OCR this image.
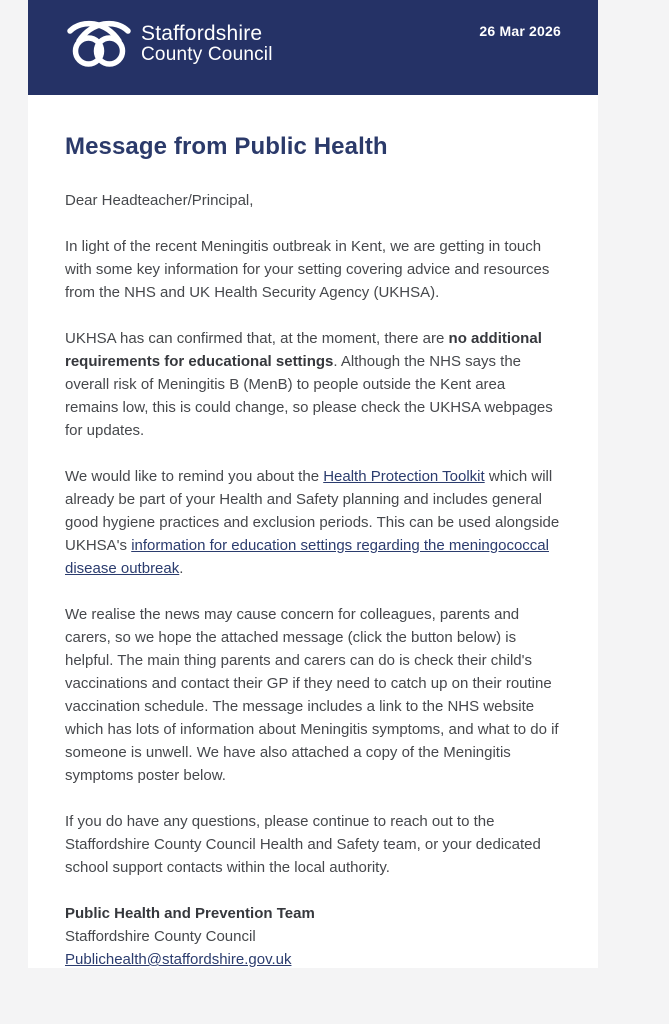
Staffordshire
County Council
26 Mar 2026
Message from Public Health

Dear Headteacher/Principal,

In light of the recent Meningitis outbreak in Kent, we are getting in touch with some key information for your setting covering advice and resources from the NHS and UK Health Security Agency (UKHSA).

UKHSA has can confirmed that, at the moment, there are no additional requirements for educational settings. Although the NHS says the overall risk of Meningitis B (MenB) to people outside the Kent area remains low, this is could change, so please check the UKHSA webpages for updates.

We would like to remind you about the Health Protection Toolkit which will already be part of your Health and Safety planning and includes general good hygiene practices and exclusion periods. This can be used alongside UKHSA's information for education settings regarding the meningococcal disease outbreak.

We realise the news may cause concern for colleagues, parents and carers, so we hope the attached message (click the button below) is helpful. The main thing parents and carers can do is check their child's vaccinations and contact their GP if they need to catch up on their routine vaccination schedule. The message includes a link to the NHS website which has lots of information about Meningitis symptoms, and what to do if someone is unwell. We have also attached a copy of the Meningitis symptoms poster below.

If you do have any questions, please continue to reach out to the Staffordshire County Council Health and Safety team, or your dedicated school support contacts within the local authority.

Public Health and Prevention Team
Staffordshire County Council
Publichealth@staffordshire.gov.uk
